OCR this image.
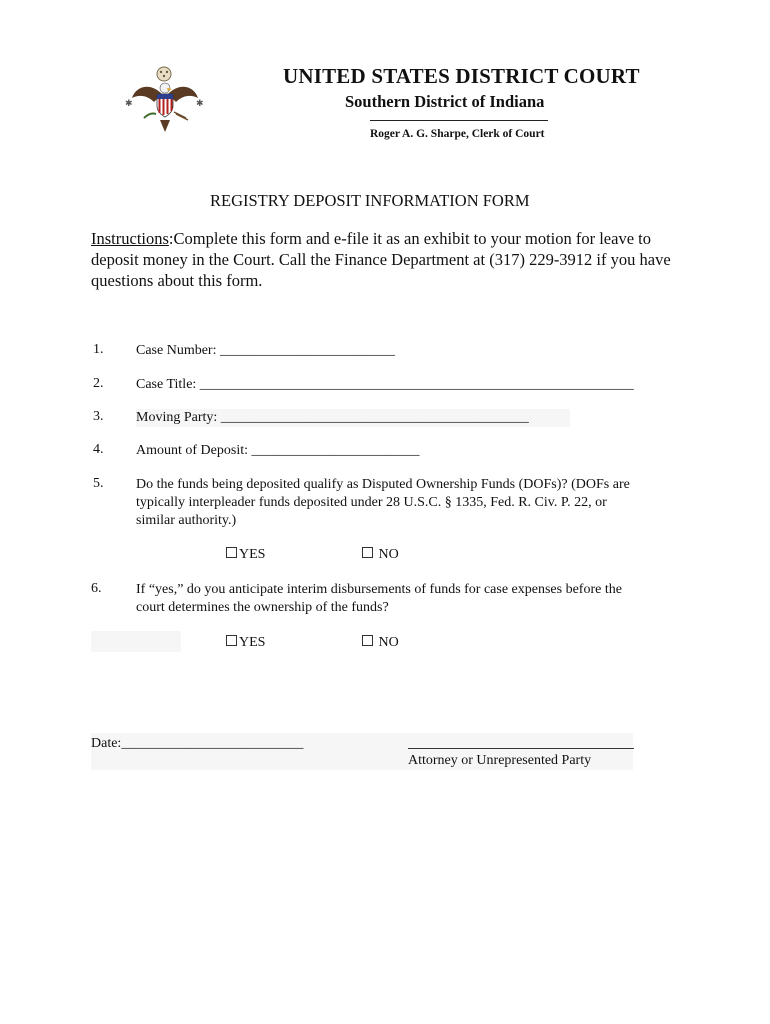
✱	✱
UNITED STATES DISTRICT COURT
Southern District of Indiana
Roger A. G. Sharpe, Clerk of Court
REGISTRY DEPOSIT INFORMATION FORM
Instructions:Complete this form and e-file it as an exhibit to your motion for leave to deposit money in the Court. Call the Finance Department at (317) 229-3912 if you have questions about this form.
1. Case Number: _________________________
2. Case Title: ______________________________________________________________
3. Moving Party: ____________________________________________
4. Amount of Deposit: ________________________
5. Do the funds being deposited qualify as Disputed Ownership Funds (DOFs)? (DOFs are
typically interpleader funds deposited under 28 U.S.C. § 1335, Fed. R. Civ. P. 22, or
similar authority.)
YES	NO
6. If “yes,” do you anticipate interim disbursements of funds for case expenses before the
court determines the ownership of the funds?
YES	NO
Date:__________________________
Attorney or Unrepresented Party
